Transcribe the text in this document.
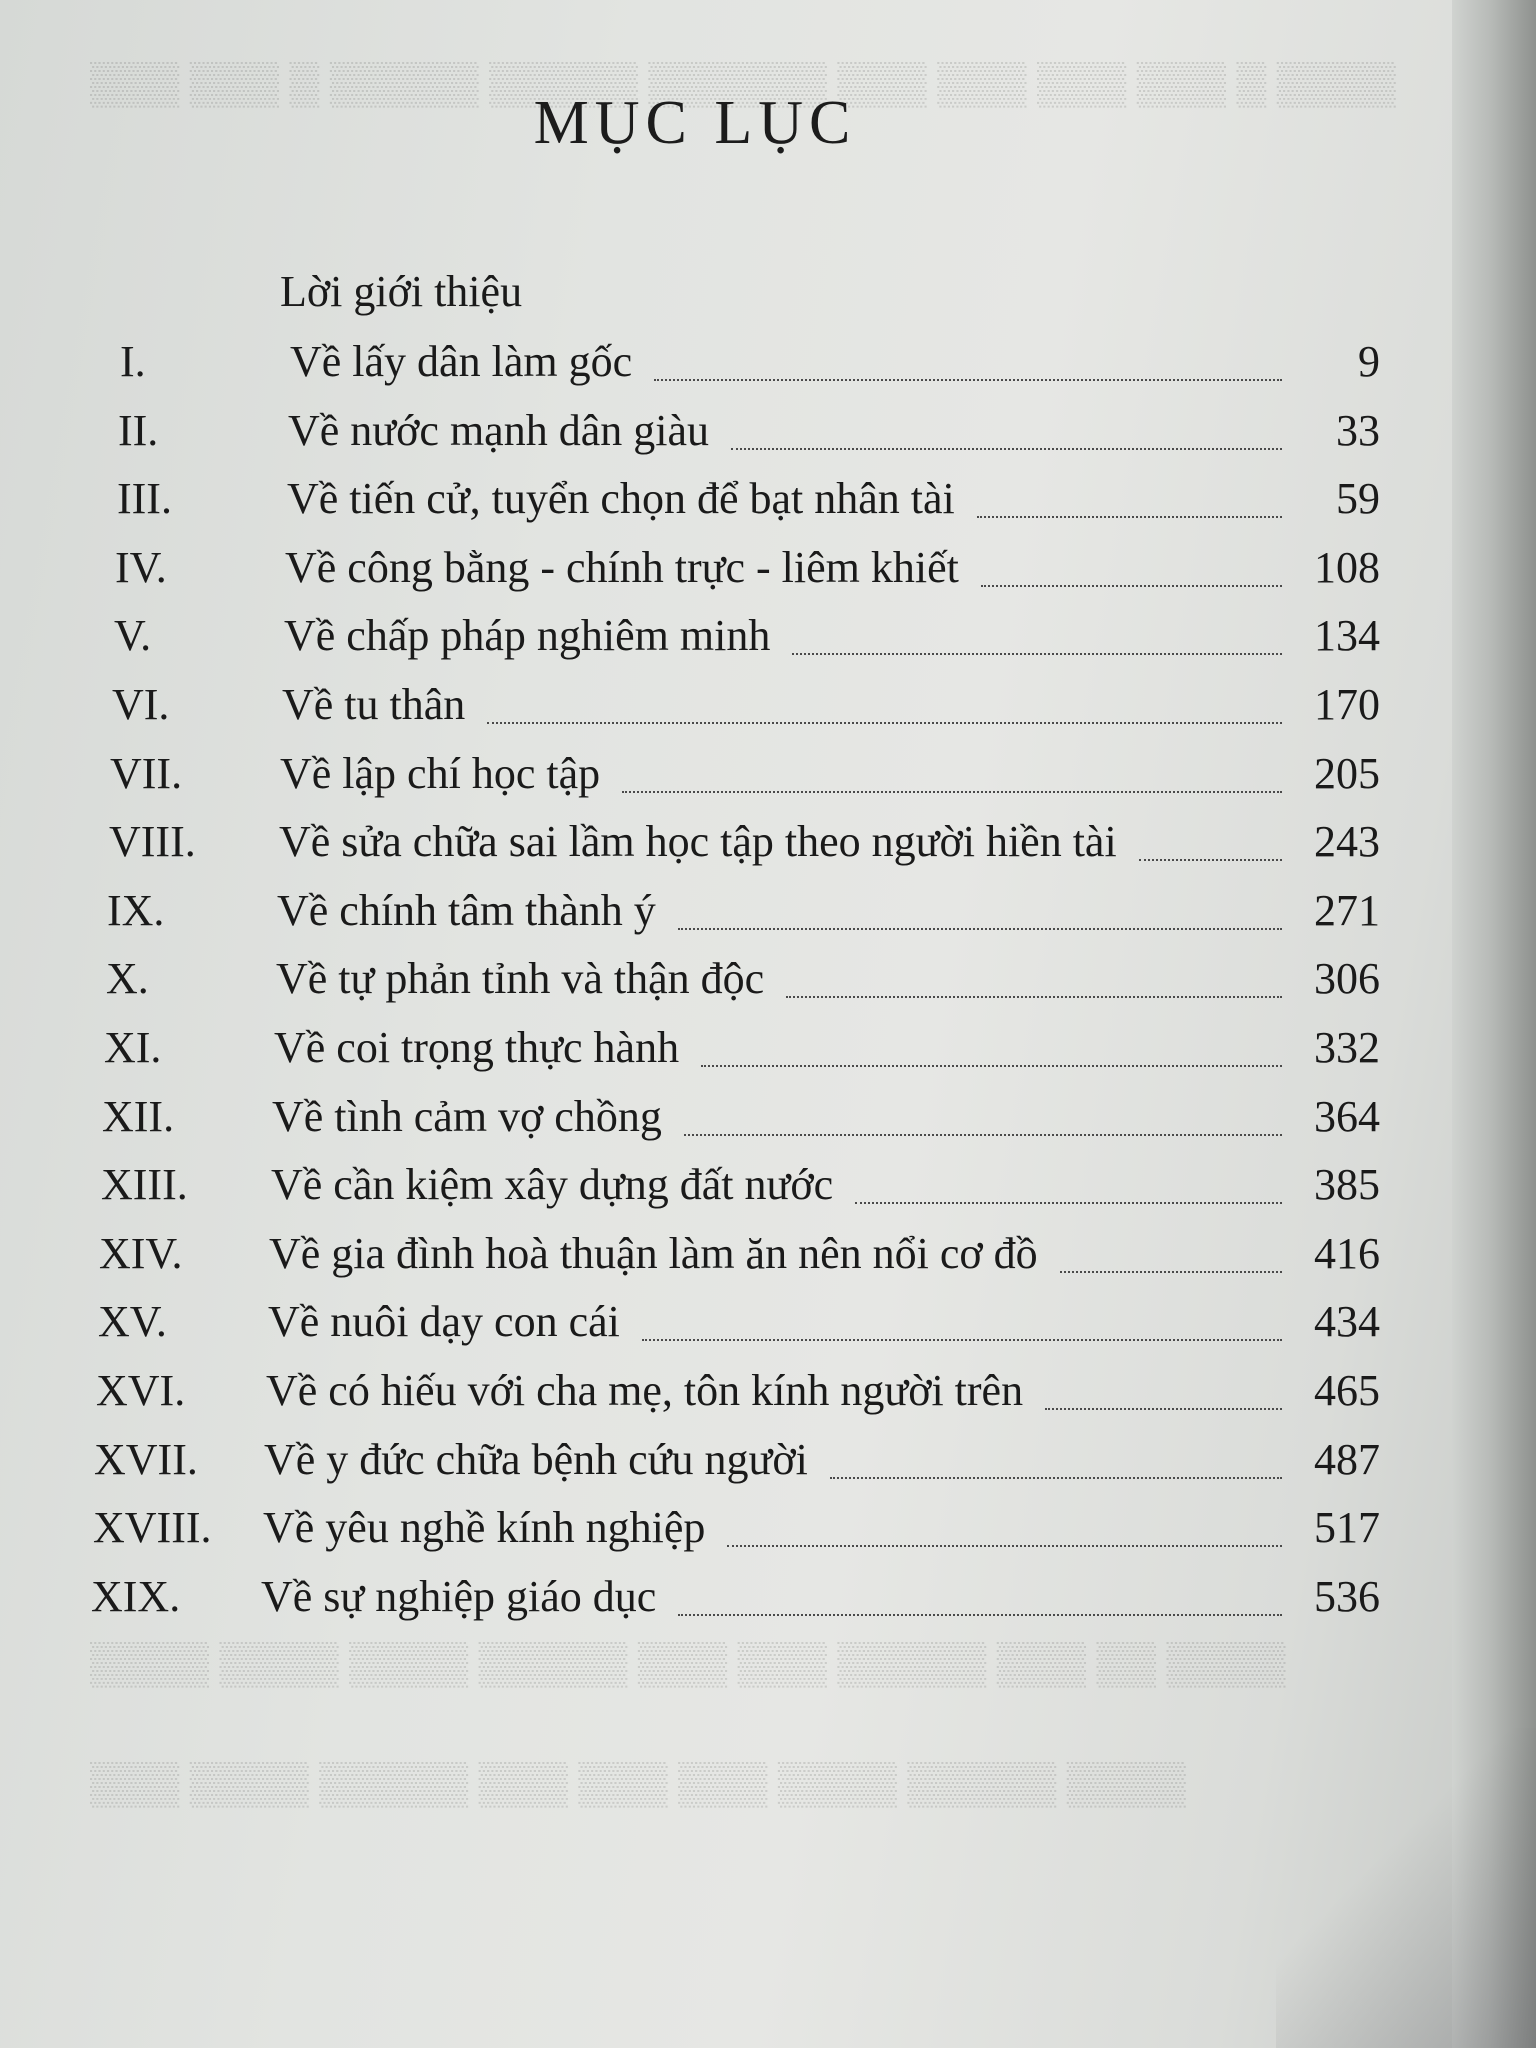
▒▒▒▒ ▒ ▒▒▒ ▒▒▒ ▒▒▒ ▒▒▒ ▒▒▒▒▒▒ ▒▒▒▒▒ ▒▒▒▒▒ ▒ ▒▒▒ ▒▒▒
▒▒▒▒ ▒▒ ▒▒▒ ▒▒▒▒▒ ▒▒▒ ▒▒▒ ▒▒▒▒▒ ▒▒▒▒ ▒▒▒▒ ▒▒▒▒
▒▒▒▒ ▒▒▒▒▒ ▒▒▒▒ ▒▒▒ ▒▒▒ ▒▒▒ ▒▒▒▒▒ ▒▒▒▒ ▒▒▒
MỤC LỤC
Lời giới thiệu
I.	Về lấy dân làm gốc	9
II.	Về nước mạnh dân giàu	33
III.	Về tiến cử, tuyển chọn để bạt nhân tài	59
IV.	Về công bằng - chính trực - liêm khiết	108
V.	Về chấp pháp nghiêm minh	134
VI.	Về tu thân	170
VII.	Về lập chí học tập	205
VIII.	Về sửa chữa sai lầm học tập theo người hiền tài	243
IX.	Về chính tâm thành ý	271
X.	Về tự phản tỉnh và thận độc	306
XI.	Về coi trọng thực hành	332
XII.	Về tình cảm vợ chồng	364
XIII.	Về cần kiệm xây dựng đất nước	385
XIV.	Về gia đình hoà thuận làm ăn nên nổi cơ đồ	416
XV.	Về nuôi dạy con cái	434
XVI.	Về có hiếu với cha mẹ, tôn kính người trên	465
XVII.	Về y đức chữa bệnh cứu người	487
XVIII.	Về yêu nghề kính nghiệp	517
XIX.	Về sự nghiệp giáo dục	536
